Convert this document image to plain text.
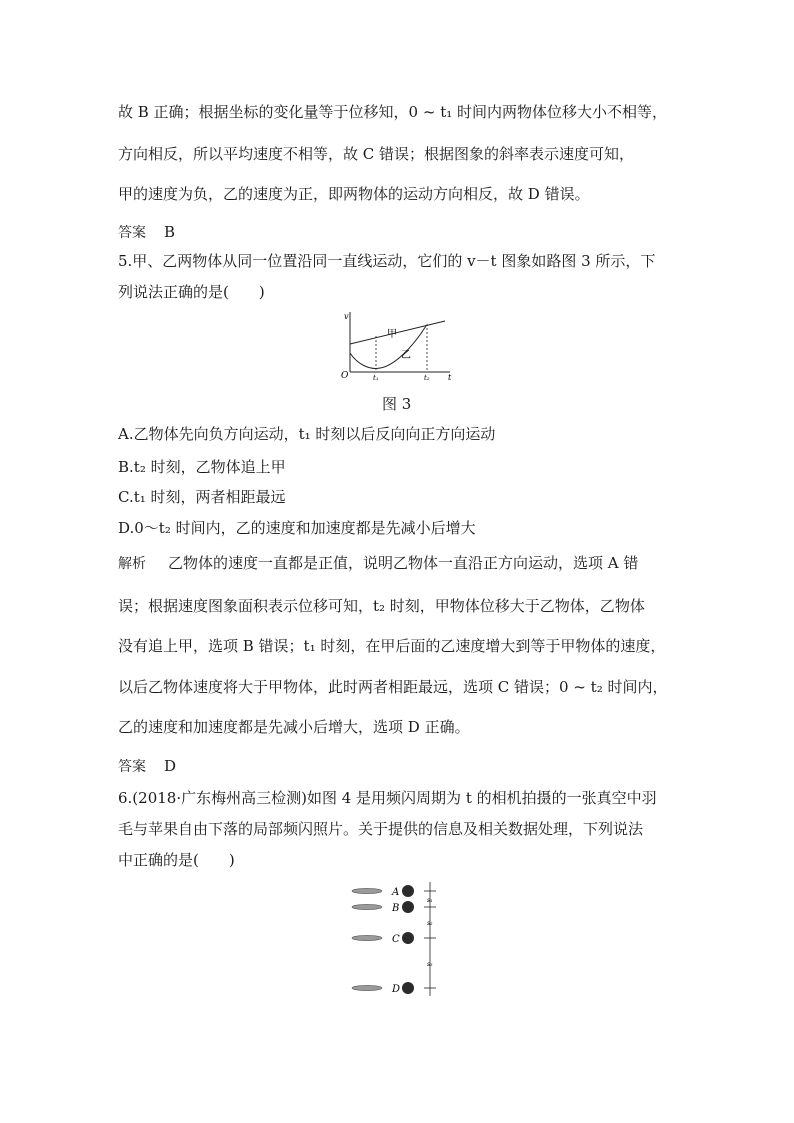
故 B 正确；根据坐标的变化量等于位移知，0 ~ t₁ 时间内两物体位移大小不相等，
方向相反，所以平均速度不相等，故 C 错误；根据图象的斜率表示速度可知，
甲的速度为负，乙的速度为正，即两物体的运动方向相反，故 D 错误。
答案 B
5.甲、乙两物体从同一位置沿同一直线运动，它们的 v－t 图象如路图 3 所示，下
列说法正确的是(　　)
v
t
O
甲
乙
t₁	t₂
图 3
A.乙物体先向负方向运动，t₁ 时刻以后反向向正方向运动
B.t₂ 时刻，乙物体追上甲
C.t₁ 时刻，两者相距最远
D.0～t₂ 时间内，乙的速度和加速度都是先减小后增大
解析 乙物体的速度一直都是正值，说明乙物体一直沿正方向运动，选项 A 错
误；根据速度图象面积表示位移可知，t₂ 时刻，甲物体位移大于乙物体，乙物体
没有追上甲，选项 B 错误；t₁ 时刻，在甲后面的乙速度增大到等于甲物体的速度，
以后乙物体速度将大于甲物体，此时两者相距最远，选项 C 错误；0 ~ t₂ 时间内，
乙的速度和加速度都是先减小后增大，选项 D 正确。
答案 D
6.(2018·广东梅州高三检测)如图 4 是用频闪周期为 t 的相机拍摄的一张真空中羽
毛与苹果自由下落的局部频闪照片。关于提供的信息及相关数据处理，下列说法
中正确的是(　　)
A
B
C
D
s₁
s₂
s₃
